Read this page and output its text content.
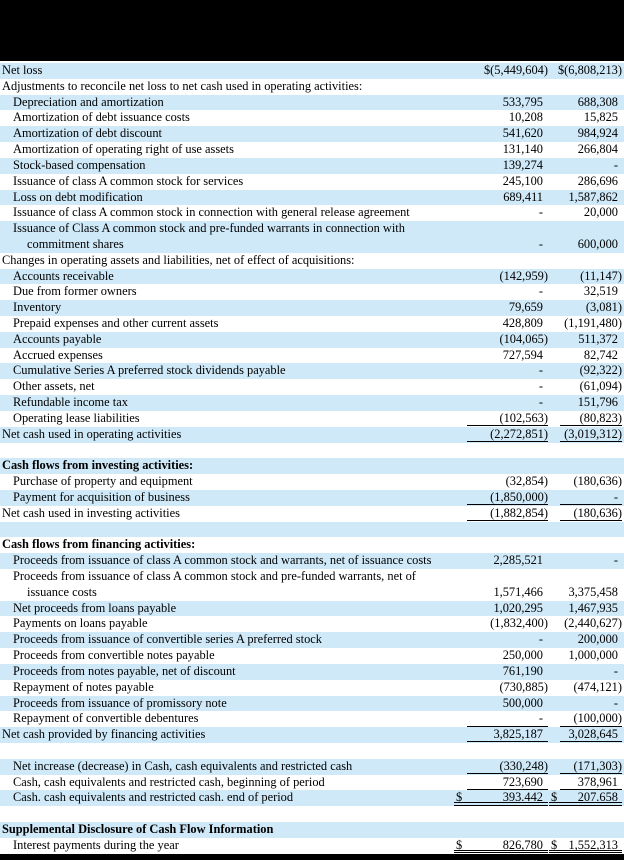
Net loss	$(5,449,604) $(6,808,213)
Adjustments to reconcile net loss to net cash used in operating activities:
Depreciation and amortization	533,795	688,308
Amortization of debt issuance costs	10,208	15,825
Amortization of debt discount	541,620	984,924
Amortization of operating right of use assets	131,140	266,804
Stock-based compensation	139,274	-
Issuance of class A common stock for services	245,100	286,696
Loss on debt modification	689,411 1,587,862
Issuance of class A common stock in connection with general release agreement	-	20,000
Issuance of Class A common stock and pre-funded warrants in connection with
commitment shares	-	600,000
Changes in operating assets and liabilities, net of effect of acquisitions:
Accounts receivable	(142,959)	(11,147)
Due from former owners	-	32,519
Inventory	79,659	(3,081)
Prepaid expenses and other current assets	428,809 (1,191,480)
Accounts payable	(104,065) 511,372
Accrued expenses	727,594	82,742
Cumulative Series A preferred stock dividends payable	-	(92,322)
Other assets, net	-	(61,094)
Refundable income tax	-	151,796
Operating lease liabilities	(102,563)	(80,823)
Net cash used in operating activities	(2,272,851) (3,019,312)
Cash flows from investing activities:
Purchase of property and equipment	(32,854) (180,636)
Payment for acquisition of business	(1,850,000)	-
Net cash used in investing activities	(1,882,854) (180,636)
Cash flows from financing activities:
Proceeds from issuance of class A common stock and warrants, net of issuance costs	2,285,521	-
Proceeds from issuance of class A common stock and pre-funded warrants, net of
issuance costs	1,571,466 3,375,458
Net proceeds from loans payable	1,020,295 1,467,935
Payments on loans payable	(1,832,400) (2,440,627)
Proceeds from issuance of convertible series A preferred stock	-	200,000
Proceeds from convertible notes payable	250,000 1,000,000
Proceeds from notes payable, net of discount	761,190	-
Repayment of notes payable	(730,885) (474,121)
Proceeds from issuance of promissory note	500,000	-
Repayment of convertible debentures	- (100,000)
Net cash provided by financing activities	3,825,187 3,028,645
Net increase (decrease) in Cash, cash equivalents and restricted cash	(330,248) (171,303)
Cash, cash equivalents and restricted cash, beginning of period	723,690	378,961
Cash. cash equivalents and restricted cash. end of period	$	393.442 $ 207.658
Supplemental Disclosure of Cash Flow Information
Interest payments during the year	$	826,780 $ 1,552,313
